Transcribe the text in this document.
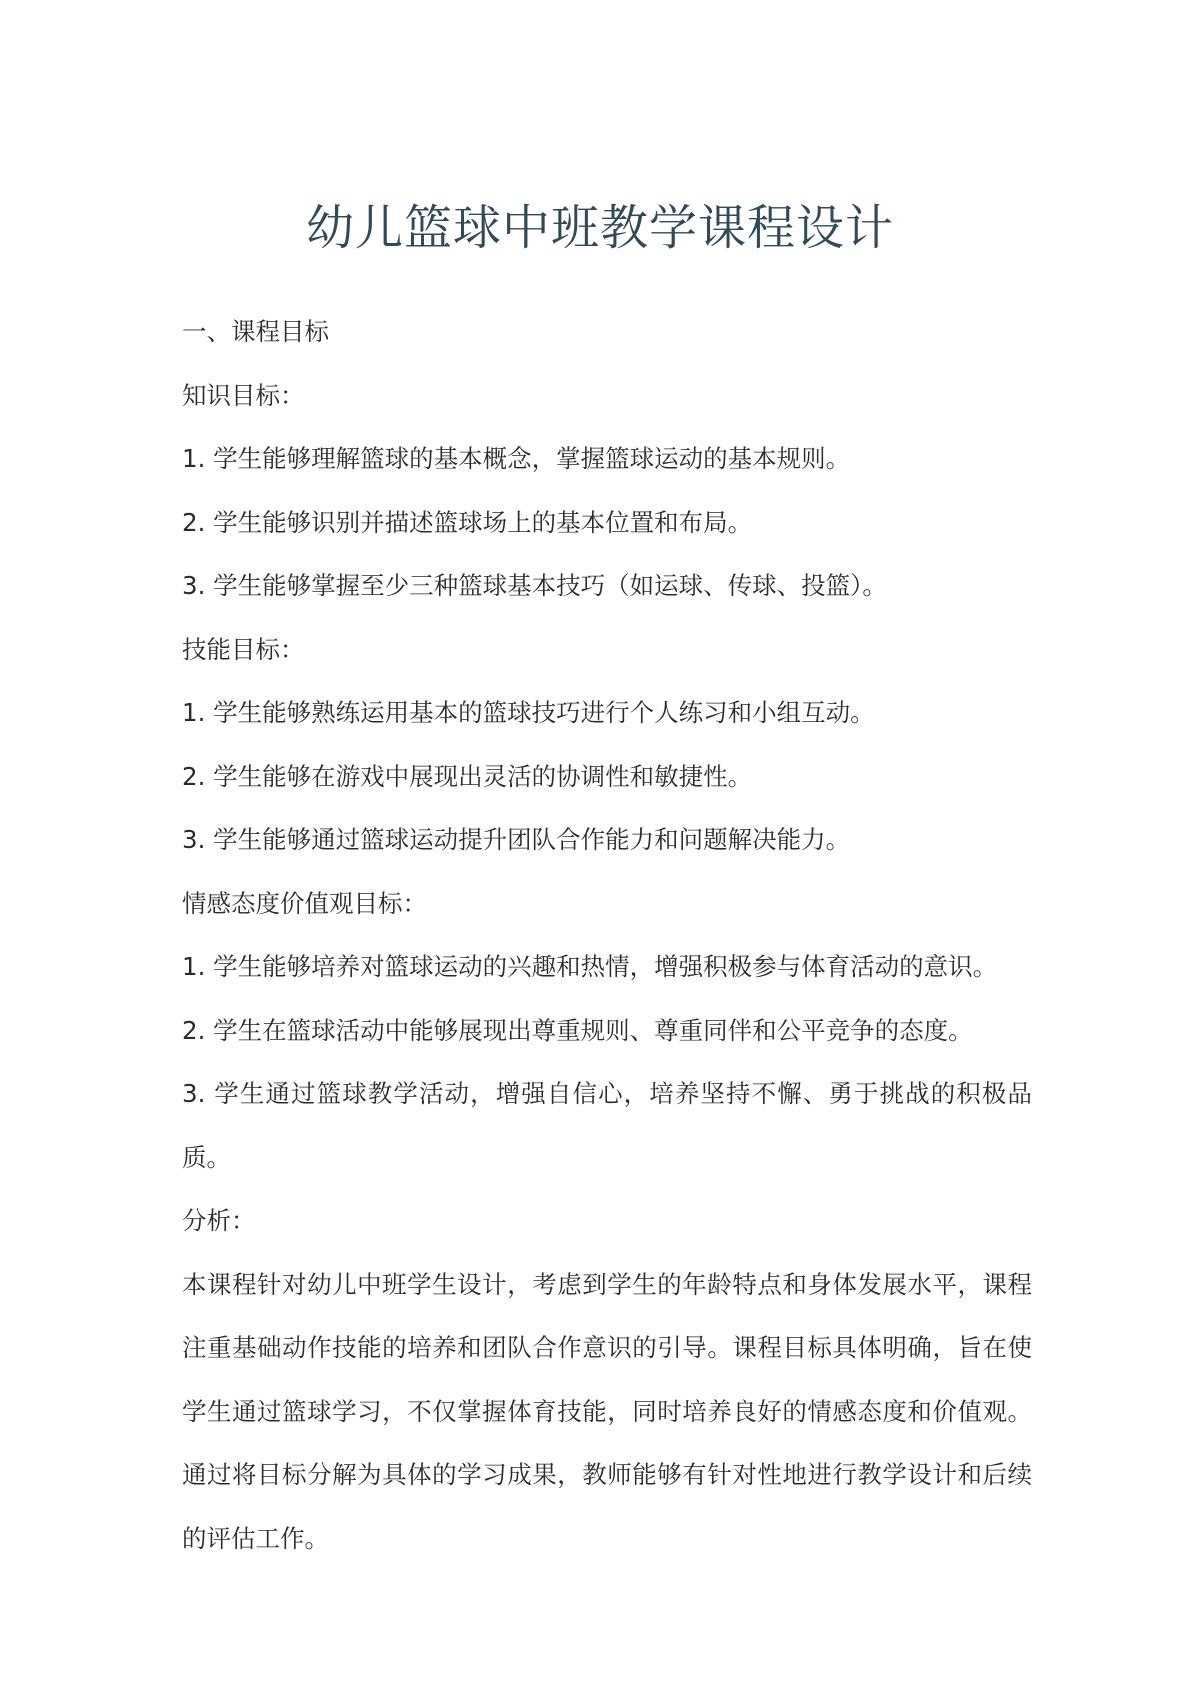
幼儿篮球中班教学课程设计
一、课程目标
知识目标：
1. 学生能够理解篮球的基本概念，掌握篮球运动的基本规则。
2. 学生能够识别并描述篮球场上的基本位置和布局。
3. 学生能够掌握至少三种篮球基本技巧（如运球、传球、投篮）。
技能目标：
1. 学生能够熟练运用基本的篮球技巧进行个人练习和小组互动。
2. 学生能够在游戏中展现出灵活的协调性和敏捷性。
3. 学生能够通过篮球运动提升团队合作能力和问题解决能力。
情感态度价值观目标：
1. 学生能够培养对篮球运动的兴趣和热情，增强积极参与体育活动的意识。
2. 学生在篮球活动中能够展现出尊重规则、尊重同伴和公平竞争的态度。
3. 学生通过篮球教学活动，增强自信心，培养坚持不懈、勇于挑战的积极品质。
分析：
本课程针对幼儿中班学生设计，考虑到学生的年龄特点和身体发展水平，课程注重基础动作技能的培养和团队合作意识的引导。课程目标具体明确，旨在使学生通过篮球学习，不仅掌握体育技能，同时培养良好的情感态度和价值观。通过将目标分解为具体的学习成果，教师能够有针对性地进行教学设计和后续的评估工作。
